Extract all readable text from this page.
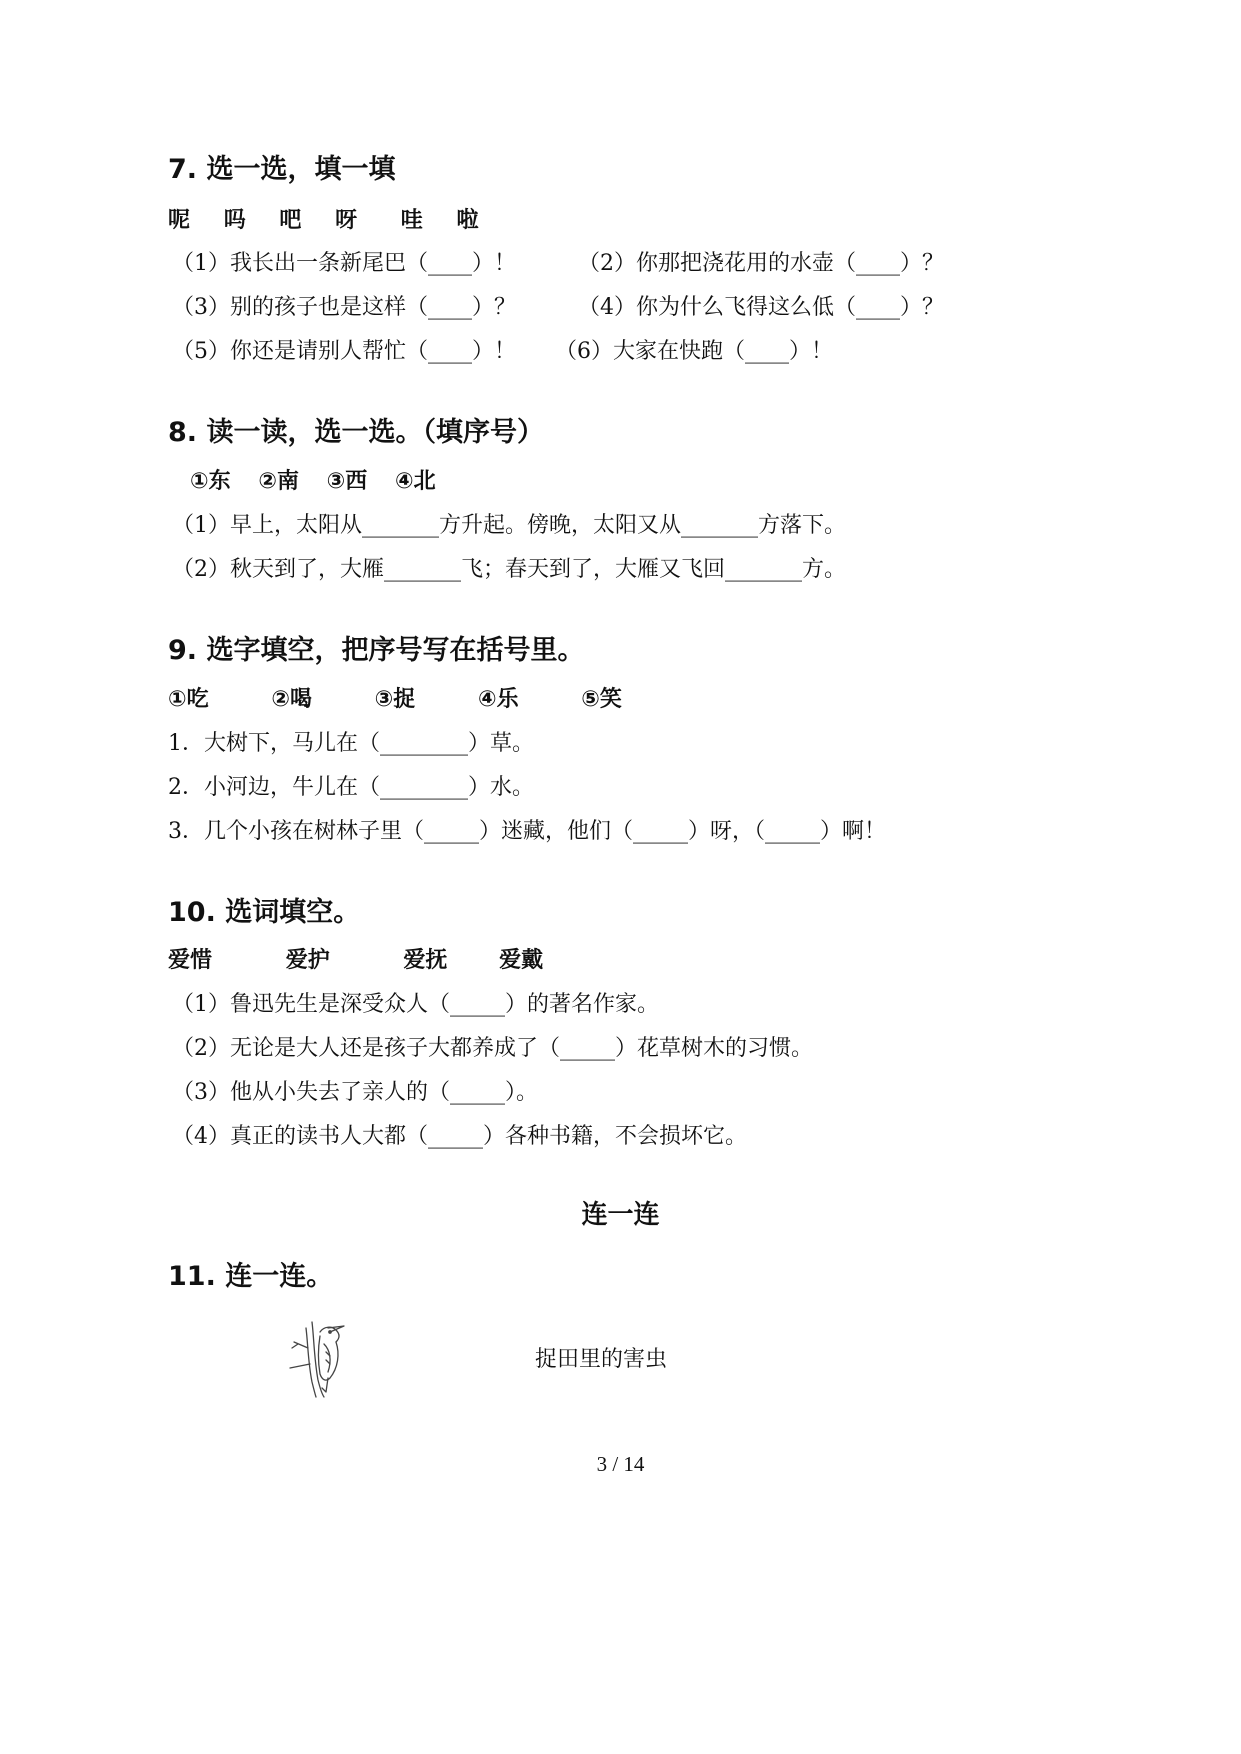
7. 选一选，填一填
呢 吗 吧 呀 哇 啦
（1）我长出一条新尾巴（____）！	（2）你那把浇花用的水壶（____）？
（3）别的孩子也是这样（____）？	（4）你为什么飞得这么低（____）？
（5）你还是请别人帮忙（____）！ （6）大家在快跑（____）！
8. 读一读，选一选。（填序号）
①东 ②南 ③西 ④北
（1）早上，太阳从_______方升起。傍晚，太阳又从_______方落下。
（2）秋天到了，大雁_______飞；春天到了，大雁又飞回_______方。
9. 选字填空，把序号写在括号里。
①吃	②喝	③捉	④乐	⑤笑
1．大树下，马儿在（________）草。
2．小河边，牛儿在（________）水。
3．几个小孩在树林子里（_____）迷藏，他们（_____）呀，（_____）啊！
10. 选词填空。
爱惜	爱护	爱抚 爱戴
（1）鲁迅先生是深受众人（_____）的著名作家。
（2）无论是大人还是孩子大都养成了（_____）花草树木的习惯。
（3）他从小失去了亲人的（_____）。
（4）真正的读书人大都（_____）各种书籍，不会损坏它。
连一连
11. 连一连。
捉田里的害虫
3 / 14
